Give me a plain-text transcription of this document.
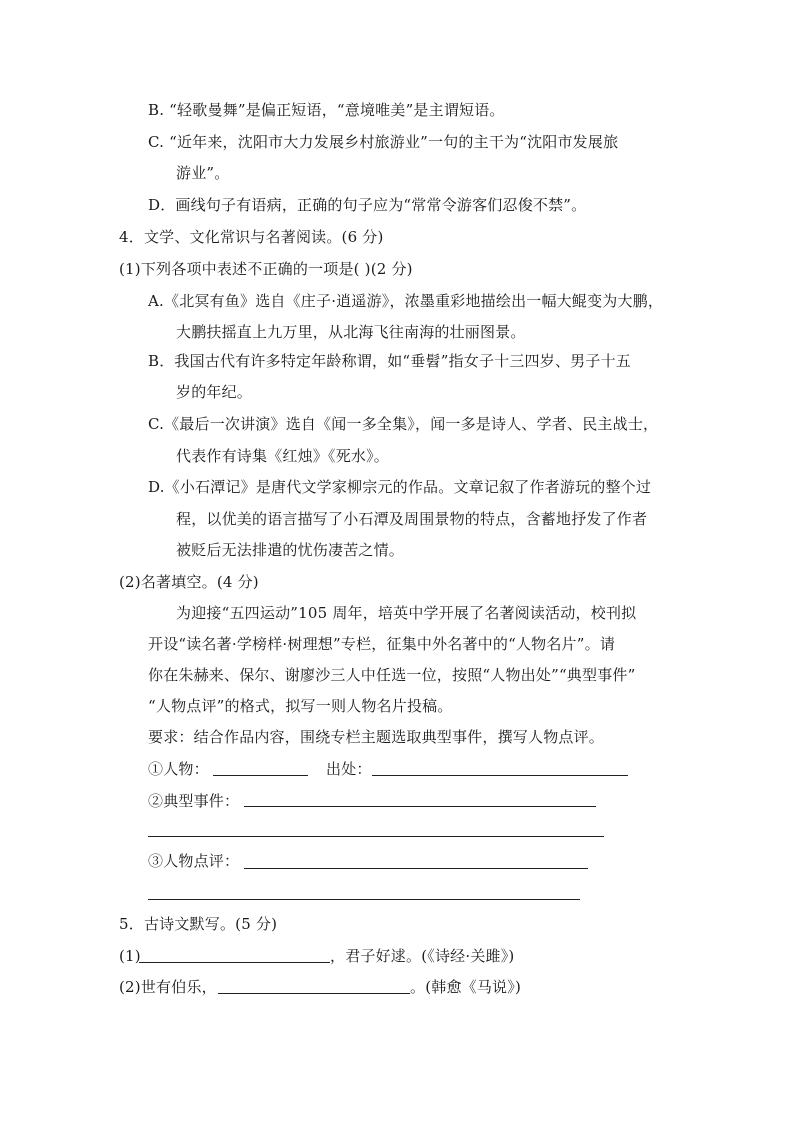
B. “轻歌曼舞”是偏正短语，“意境唯美”是主谓短语。
C. “近年来，沈阳市大力发展乡村旅游业”一句的主干为“沈阳市发展旅
游业”。
D．画线句子有语病，正确的句子应为“常常令游客们忍俊不禁”。
4．文学、文化常识与名著阅读。(6 分)
(1)下列各项中表述不正确的一项是( )(2 分)
A.《北冥有鱼》选自《庄子·逍遥游》，浓墨重彩地描绘出一幅大鲲变为大鹏，
大鹏扶摇直上九万里，从北海飞往南海的壮丽图景。
B．我国古代有许多特定年龄称谓，如“垂髫”指女子十三四岁、男子十五
岁的年纪。
C.《最后一次讲演》选自《闻一多全集》，闻一多是诗人、学者、民主战士，
代表作有诗集《红烛》《死水》。
D.《小石潭记》是唐代文学家柳宗元的作品。文章记叙了作者游玩的整个过
程，以优美的语言描写了小石潭及周围景物的特点，含蓄地抒发了作者
被贬后无法排遣的忧伤凄苦之情。
(2)名著填空。(4 分)
为迎接“五四运动”105 周年，培英中学开展了名著阅读活动，校刊拟
开设“读名著·学榜样·树理想”专栏，征集中外名著中的“人物名片”。请
你在朱赫来、保尔、谢廖沙三人中任选一位，按照“人物出处”“典型事件”
“人物点评”的格式，拟写一则人物名片投稿。
要求：结合作品内容，围绕专栏主题选取典型事件，撰写人物点评。
①人物：	出处：
②典型事件：
③人物点评：
5．古诗文默写。(5 分)
(1)	，君子好逑。(《诗经·关雎》)
(2)世有伯乐，	。(韩愈《马说》)
